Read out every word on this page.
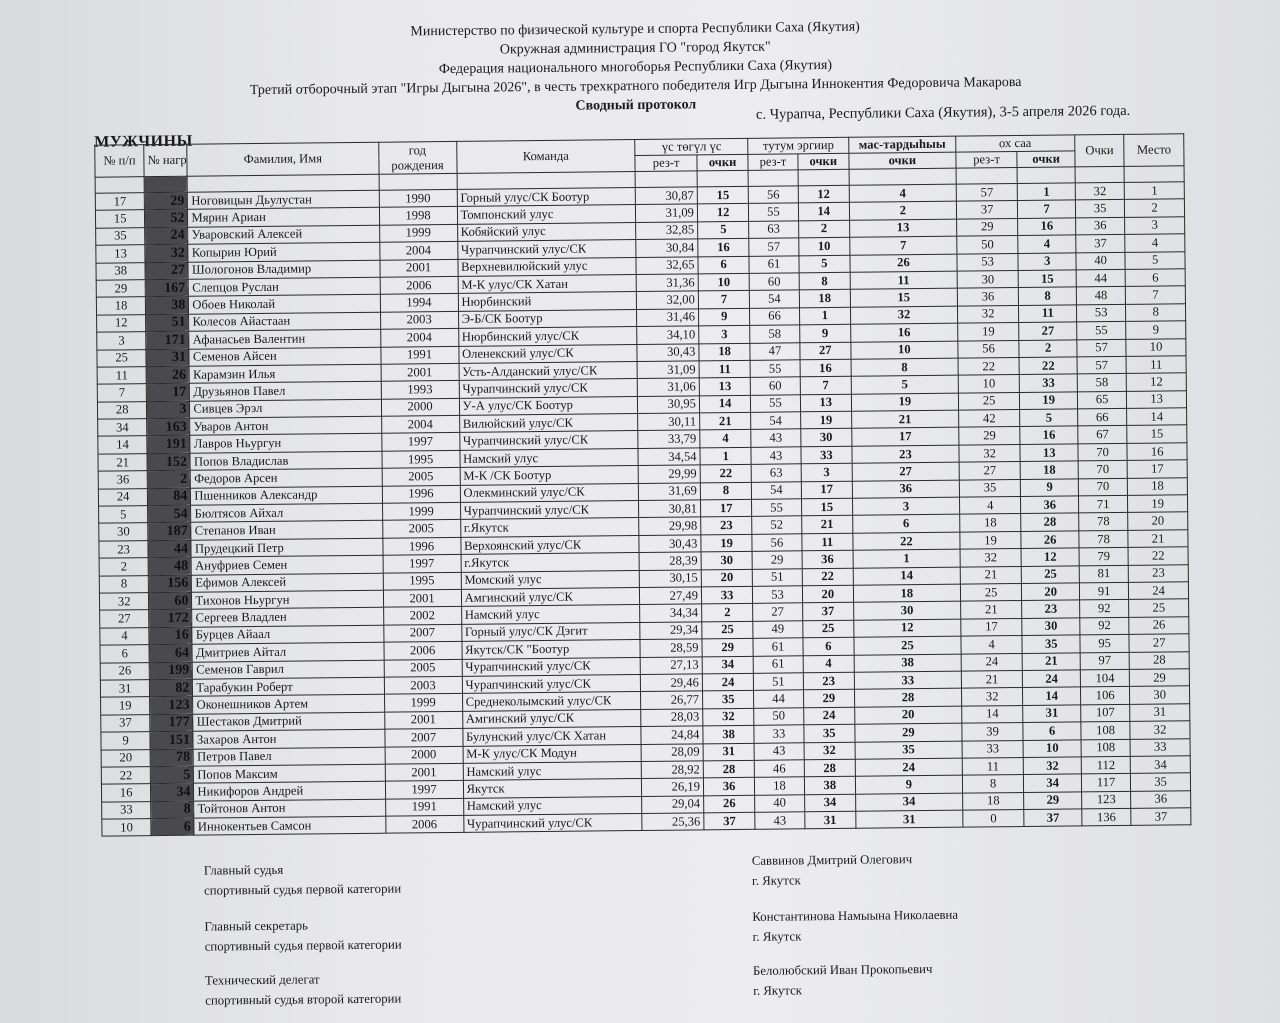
Министерство по физической культуре и спорта Республики Саха (Якутия)
Окружная администрация ГО "город Якутск"
Федерация национального многоборья Республики Саха (Якутия)
Третий отборочный этап "Игры Дыгына 2026", в честь трехкратного победителя Игр Дыгына Иннокентия Федоровича Макарова
Сводный протокол	с. Чурапча, Республики Саха (Якутия), 3-5 апреля 2026 года.
МУЖЧИНЫ
№ п/п	№ нагр	Фамилия, Имя	год рождения	Команда	үс төгүл үс		тутум эргиир		мас-тардыһыы	ох саа		Очки	Место
					рез-т	очки	рез-т	очки	очки	рез-т	очки		

17	29	Ноговицын Дьулустан	1990	Горный улус/СК Боотур	30,87	15	56	12	4	57	1	32	1
15	52	Мярин Ариан	1998	Томпонский улус	31,09	12	55	14	2	37	7	35	2
35	24	Уваровский Алексей	1999	Кобяйский улус	32,85	5	63	2	13	29	16	36	3
13	32	Копырин Юрий	2004	Чурапчинский улус/СК	30,84	16	57	10	7	50	4	37	4
38	27	Шологонов Владимир	2001	Верхневилюйский улус	32,65	6	61	5	26	53	3	40	5
29	167	Слепцов Руслан	2006	М-К улус/СК Хатан	31,36	10	60	8	11	30	15	44	6
18	38	Обоев Николай	1994	Нюрбинский	32,00	7	54	18	15	36	8	48	7
12	51	Колесов Айастаан	2003	Э-Б/СК Боотур	31,46	9	66	1	32	32	11	53	8
3	171	Афанасьев Валентин	2004	Нюрбинский улус/СК	34,10	3	58	9	16	19	27	55	9
25	31	Семенов Айсен	1991	Оленекский улус/СК	30,43	18	47	27	10	56	2	57	10
11	26	Карамзин Илья	2001	Усть-Алданский улус/СК	31,09	11	55	16	8	22	22	57	11
7	17	Друзьянов Павел	1993	Чурапчинский улус/СК	31,06	13	60	7	5	10	33	58	12
28	3	Сивцев Эрэл	2000	У-А улус/СК Боотур	30,95	14	55	13	19	25	19	65	13
34	163	Уваров Антон	2004	Вилюйский улус/СК	30,11	21	54	19	21	42	5	66	14
14	191	Лавров Ньургун	1997	Чурапчинский улус/СК	33,79	4	43	30	17	29	16	67	15
21	152	Попов Владислав	1995	Намский улус	34,54	1	43	33	23	32	13	70	16
36	2	Федоров Арсен	2005	М-К /СК Боотур	29,99	22	63	3	27	27	18	70	17
24	84	Пшенников Александр	1996	Олекминский улус/СК	31,69	8	54	17	36	35	9	70	18
5	54	Бюлтясов Айхал	1999	Чурапчинский улус/СК	30,81	17	55	15	3	4	36	71	19
30	187	Степанов Иван	2005	г.Якутск	29,98	23	52	21	6	18	28	78	20
23	44	Прудецкий Петр	1996	Верхоянский улус/СК	30,43	19	56	11	22	19	26	78	21
2	48	Ануфриев Семен	1997	г.Якутск	28,39	30	29	36	1	32	12	79	22
8	156	Ефимов Алексей	1995	Момский улус	30,15	20	51	22	14	21	25	81	23
32	60	Тихонов Ньургун	2001	Амгинский улус/СК	27,49	33	53	20	18	25	20	91	24
27	172	Сергеев Владлен	2002	Намский улус	34,34	2	27	37	30	21	23	92	25
4	16	Бурцев Айаал	2007	Горный улус/СК Дэгит	29,34	25	49	25	12	17	30	92	26
6	64	Дмитриев Айтал	2006	Якутск/СК "Боотур	28,59	29	61	6	25	4	35	95	27
26	199	Семенов Гаврил	2005	Чурапчинский улус/СК	27,13	34	61	4	38	24	21	97	28
31	82	Тарабукин Роберт	2003	Чурапчинский улус/СК	29,46	24	51	23	33	21	24	104	29
19	123	Оконешников Артем	1999	Среднеколымский улус/СК	26,77	35	44	29	28	32	14	106	30
37	177	Шестаков Дмитрий	2001	Амгинский улус/СК	28,03	32	50	24	20	14	31	107	31
9	151	Захаров Антон	2007	Булунский улус/СК Хатан	24,84	38	33	35	29	39	6	108	32
20	78	Петров Павел	2000	М-К улус/СК Модун	28,09	31	43	32	35	33	10	108	33
22	5	Попов Максим	2001	Намский улус	28,92	28	46	28	24	11	32	112	34
16	34	Никифоров Андрей	1997	Якутск	26,19	36	18	38	9	8	34	117	35
33	8	Тойтонов Антон	1991	Намский улус	29,04	26	40	34	34	18	29	123	36
10	6	Иннокентьев Самсон	2006	Чурапчинский улус/СК	25,36	37	43	31	31	0	37	136	37
Главный судья
спортивный судья первой категории
Саввинов Дмитрий Олегович
г. Якутск
Главный секретарь
спортивный судья первой категории
Константинова Намыына Николаевна
г. Якутск
Технический делегат
спортивный судья второй категории
Белолюбский Иван Прокопьевич
г. Якутск
